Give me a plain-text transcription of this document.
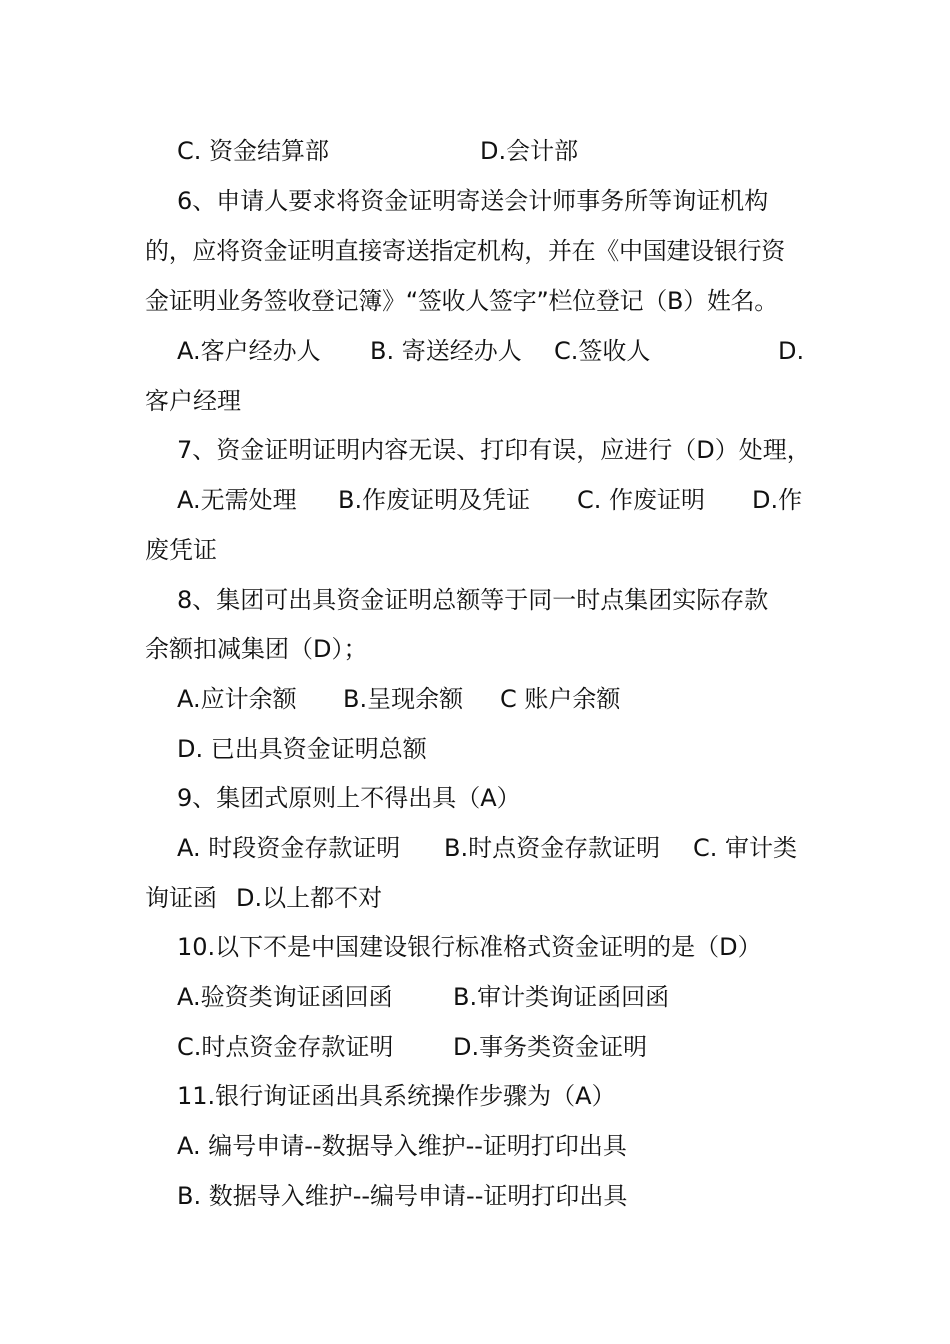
C. 资金结算部	D.会计部
6、申请人要求将资金证明寄送会计师事务所等询证机构
的，应将资金证明直接寄送指定机构，并在《中国建设银行资
金证明业务签收登记簿》“签收人签字”栏位登记（B）姓名。
A.客户经办人 B. 寄送经办人 C.签收人	D.
客户经理
7、资金证明证明内容无误、打印有误，应进行（D）处理，
A.无需处理 B.作废证明及凭证 C. 作废证明 D.作
废凭证
8、集团可出具资金证明总额等于同一时点集团实际存款
余额扣减集团（D）；
A.应计余额 B.呈现余额 C 账户余额
D. 已出具资金证明总额
9、集团式原则上不得出具（A）
A. 时段资金存款证明 B.时点资金存款证明 C. 审计类
询证函 D.以上都不对
10.以下不是中国建设银行标准格式资金证明的是（D）
A.验资类询证函回函	B.审计类询证函回函
C.时点资金存款证明 D.事务类资金证明
11.银行询证函出具系统操作步骤为（A）
A. 编号申请--数据导入维护--证明打印出具
B. 数据导入维护--编号申请--证明打印出具
